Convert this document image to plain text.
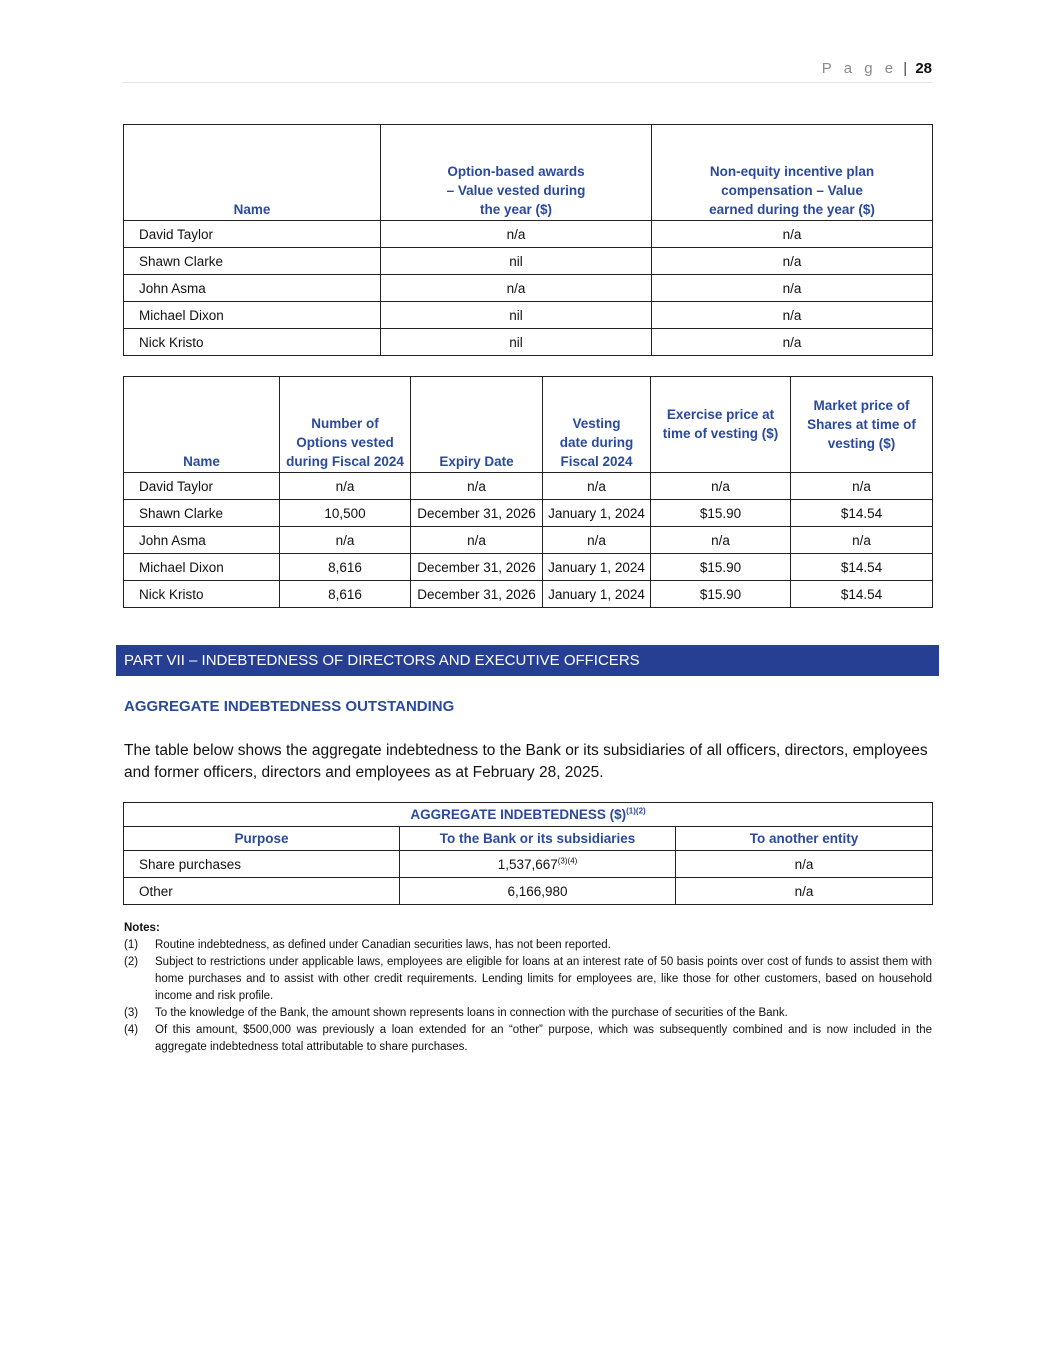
P a g e | 28
Name	Option-based awards – Value vested during the year ($)	Non-equity incentive plan compensation – Value earned during the year ($)

David Taylor	n/a	n/a
Shawn Clarke	nil	n/a
John Asma	n/a	n/a
Michael Dixon	nil	n/a
Nick Kristo	nil	n/a
Name	Number of Options vested during Fiscal 2024	Expiry Date	Vesting date during Fiscal 2024	Exercise price at time of vesting ($)	Market price of Shares at time of vesting ($)

David Taylor	n/a	n/a	n/a	n/a	n/a
Shawn Clarke	10,500	December 31, 2026	January 1, 2024	$15.90	$14.54
John Asma	n/a	n/a	n/a	n/a	n/a
Michael Dixon	8,616	December 31, 2026	January 1, 2024	$15.90	$14.54
Nick Kristo	8,616	December 31, 2026	January 1, 2024	$15.90	$14.54
PART VII – INDEBTEDNESS OF DIRECTORS AND EXECUTIVE OFFICERS
AGGREGATE INDEBTEDNESS OUTSTANDING
The table below shows the aggregate indebtedness to the Bank or its subsidiaries of all officers, directors, employees and former officers, directors and employees as at February 28, 2025.
AGGREGATE INDEBTEDNESS ($)$^{(1)(2)}$
Purpose	To the Bank or its subsidiaries	To another entity
Share purchases	$1,537,667^{(3)(4)}$	n/a
Other	6,166,980	n/a
Notes:
(1)	Routine indebtedness, as defined under Canadian securities laws, has not been reported.
(2)	Subject to restrictions under applicable laws, employees are eligible for loans at an interest rate of 50 basis points over cost of funds to assist them with home purchases and to assist with other credit requirements. Lending limits for employees are, like those for other customers, based on household income and risk profile.
(3)	To the knowledge of the Bank, the amount shown represents loans in connection with the purchase of securities of the Bank.
(4)	Of this amount, $500,000 was previously a loan extended for an “other” purpose, which was subsequently combined and is now included in the aggregate indebtedness total attributable to share purchases.
